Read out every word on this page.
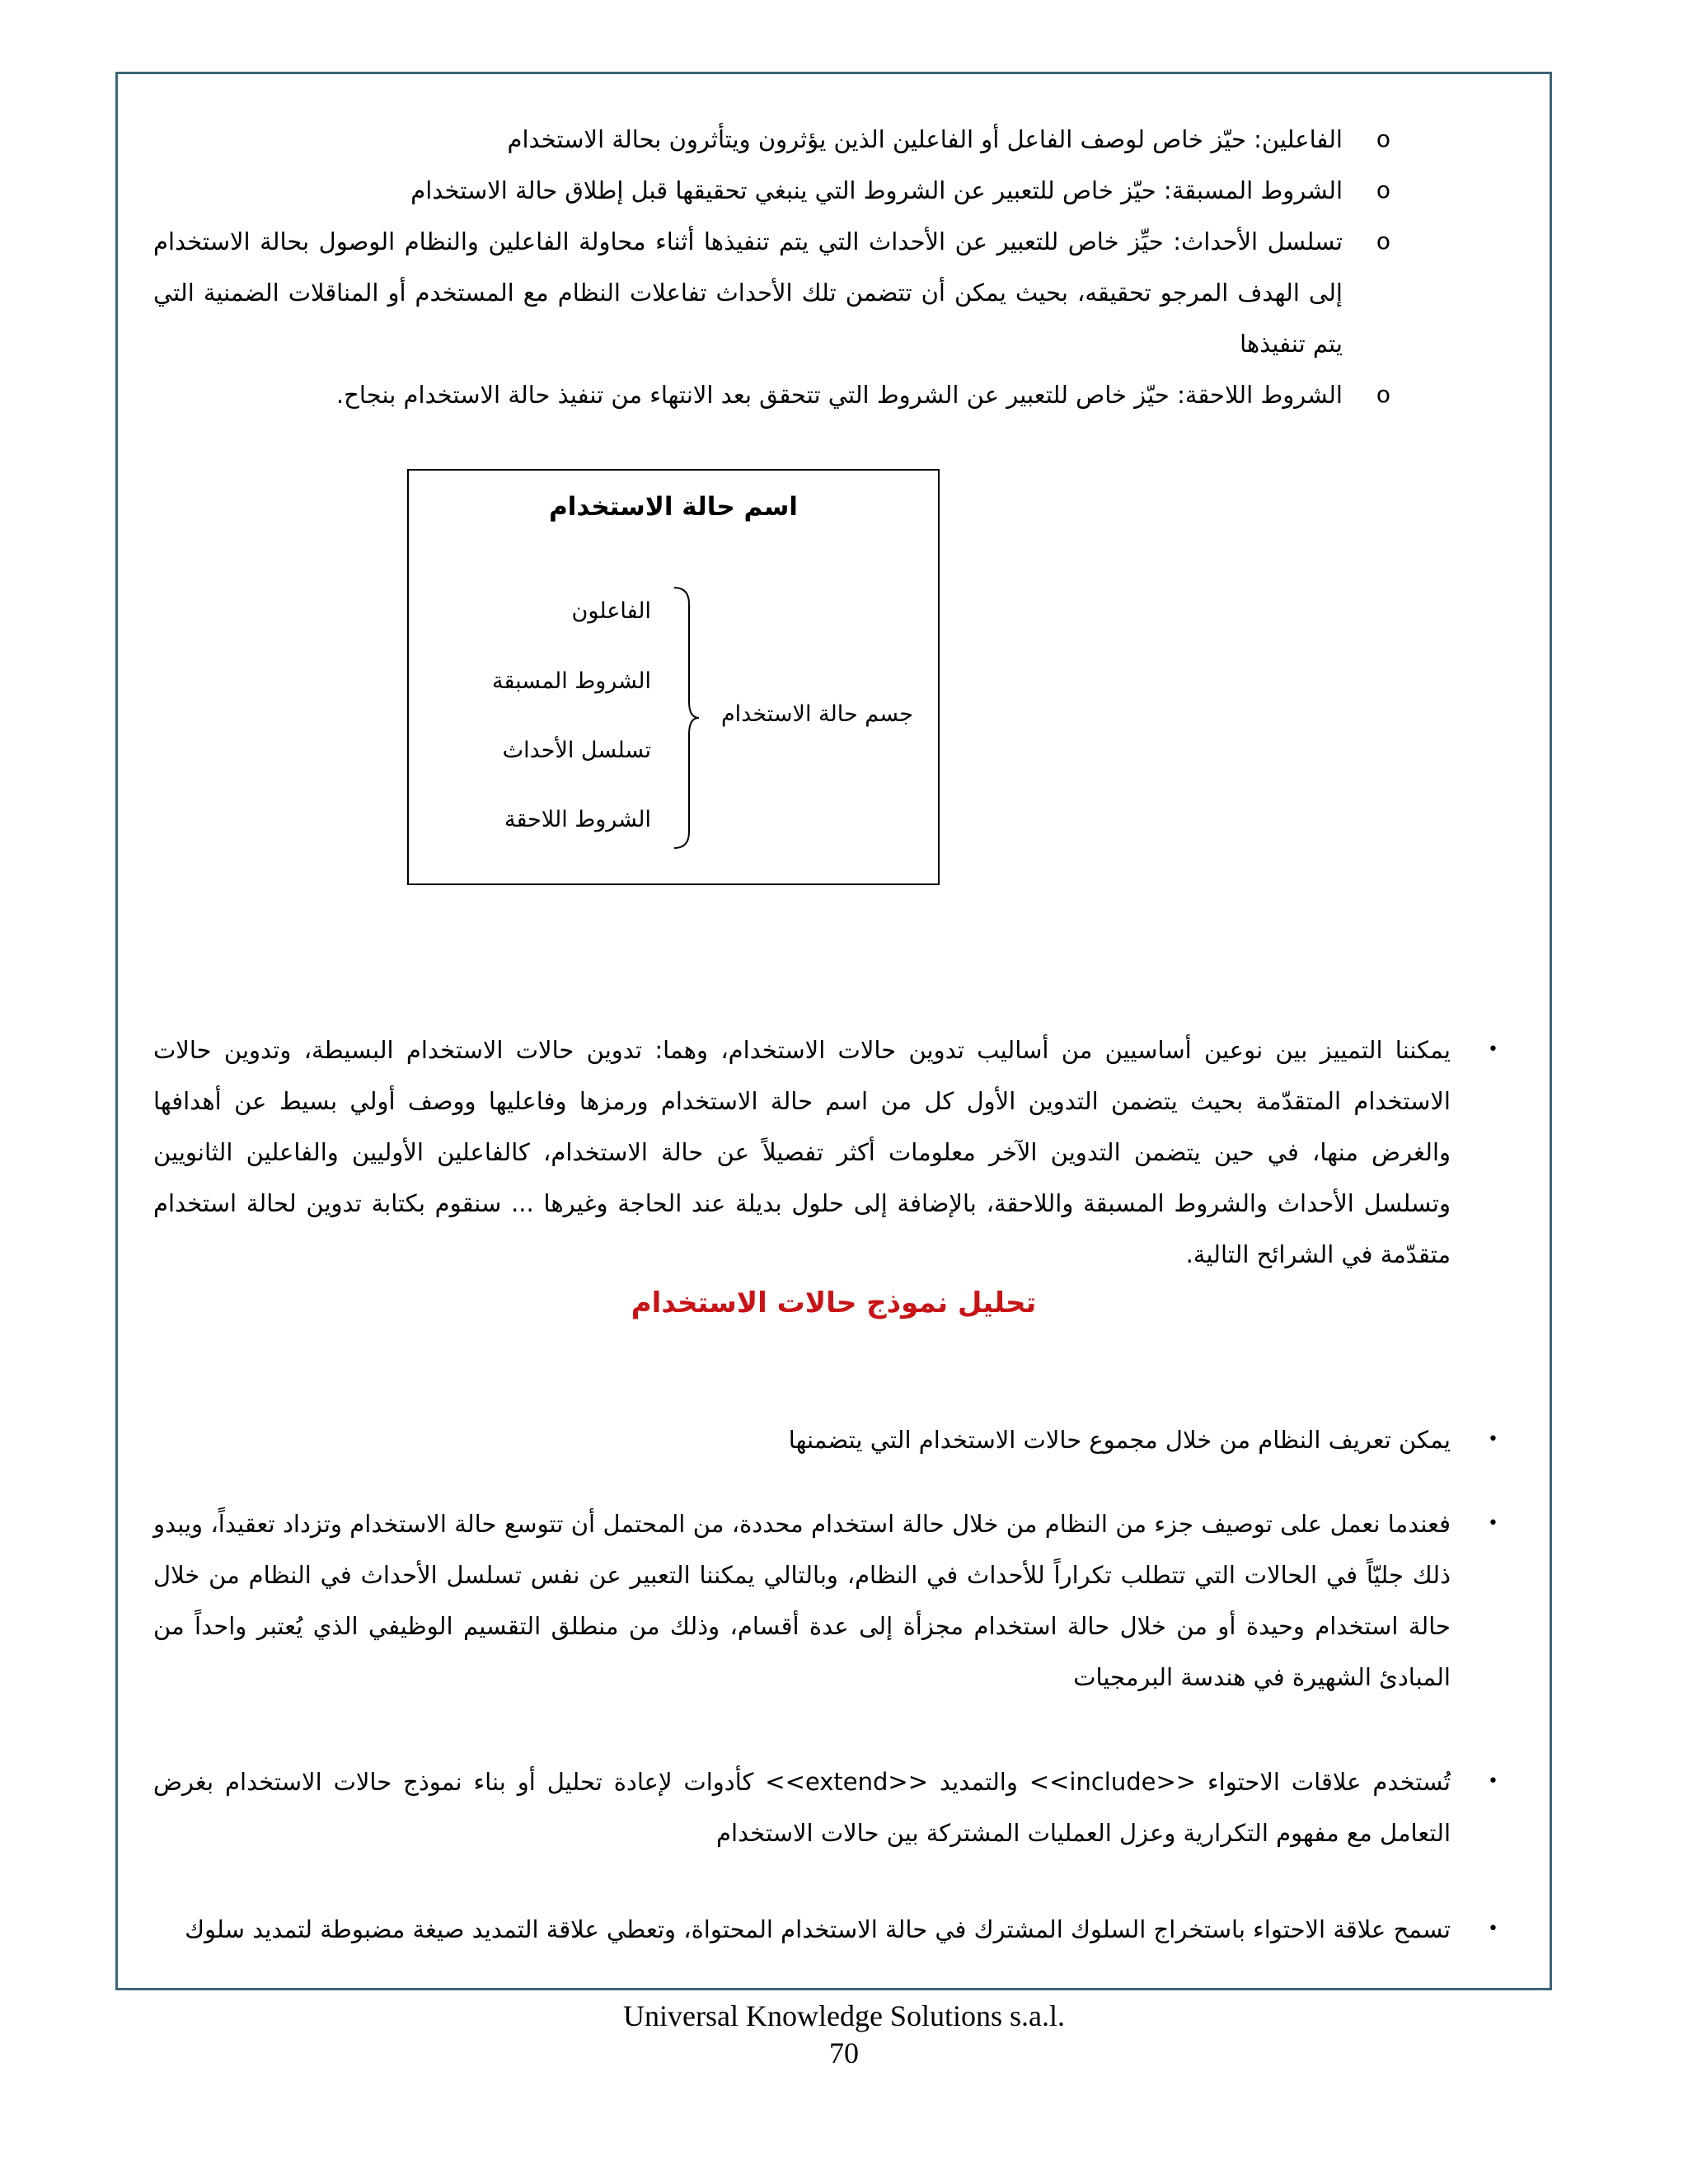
o
الفاعلين: حيّز خاص لوصف الفاعل أو الفاعلين الذين يؤثرون ويتأثرون بحالة الاستخدام
o
الشروط المسبقة: حيّز خاص للتعبير عن الشروط التي ينبغي تحقيقها قبل إطلاق حالة الاستخدام
o
تسلسل الأحداث: حيِّز خاص للتعبير عن الأحداث التي يتم تنفيذها أثناء محاولة الفاعلين والنظام الوصول بحالة الاستخدام إلى الهدف المرجو تحقيقه، بحيث يمكن أن تتضمن تلك الأحداث تفاعلات النظام مع المستخدم أو المناقلات الضمنية التي يتم تنفيذها
o
الشروط اللاحقة: حيّز خاص للتعبير عن الشروط التي تتحقق بعد الانتهاء من تنفيذ حالة الاستخدام بنجاح.
اسم حالة الاستخدام
الفاعلون
الشروط المسبقة
تسلسل الأحداث
الشروط اللاحقة
جسم حالة الاستخدام
•
يمكننا التمييز بين نوعين أساسيين من أساليب تدوين حالات الاستخدام، وهما: تدوين حالات الاستخدام البسيطة، وتدوين حالات الاستخدام المتقدّمة بحيث يتضمن التدوين الأول كل من اسم حالة الاستخدام ورمزها وفاعليها ووصف أولي بسيط عن أهدافها والغرض منها، في حين يتضمن التدوين الآخر معلومات أكثر تفصيلاً عن حالة الاستخدام، كالفاعلين الأوليين والفاعلين الثانويين وتسلسل الأحداث والشروط المسبقة واللاحقة، بالإضافة إلى حلول بديلة عند الحاجة وغيرها ... سنقوم بكتابة تدوين لحالة استخدام متقدّمة في الشرائح التالية.
تحليل نموذج حالات الاستخدام
•
يمكن تعريف النظام من خلال مجموع حالات الاستخدام التي يتضمنها
•
فعندما نعمل على توصيف جزء من النظام من خلال حالة استخدام محددة، من المحتمل أن تتوسع حالة الاستخدام وتزداد تعقيداً، ويبدو ذلك جليّاً في الحالات التي تتطلب تكراراً للأحداث في النظام، وبالتالي يمكننا التعبير عن نفس تسلسل الأحداث في النظام من خلال حالة استخدام وحيدة أو من خلال حالة استخدام مجزأة إلى عدة أقسام، وذلك من منطلق التقسيم الوظيفي الذي يُعتبر واحداً من المبادئ الشهيرة في هندسة البرمجيات
•
تُستخدم علاقات الاحتواء <<include>> والتمديد <<extend>> كأدوات لإعادة تحليل أو بناء نموذج حالات الاستخدام بغرض التعامل مع مفهوم التكرارية وعزل العمليات المشتركة بين حالات الاستخدام
•
تسمح علاقة الاحتواء باستخراج السلوك المشترك في حالة الاستخدام المحتواة، وتعطي علاقة التمديد صيغة مضبوطة لتمديد سلوك
Universal Knowledge Solutions s.a.l.
70
